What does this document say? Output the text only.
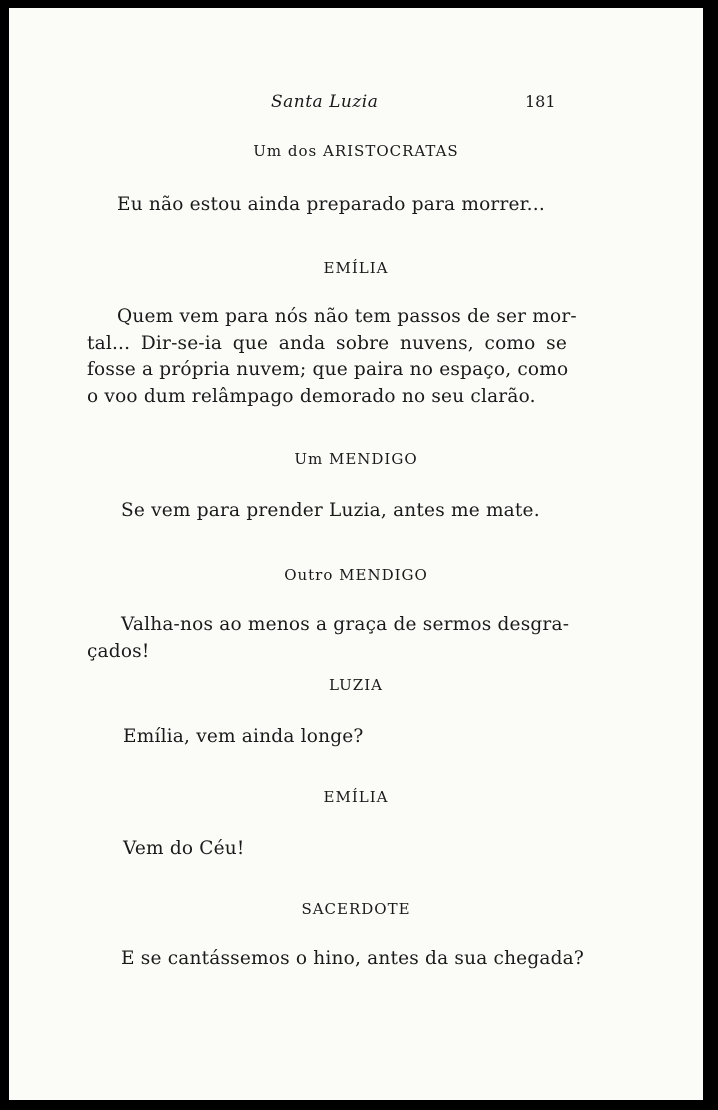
Santa Luzia	181
Um dos ARISTOCRATAS
Eu não estou ainda preparado para morrer...
EMÍLIA
Quem vem para nós não tem passos de ser mor-
tal... Dir-se-ia que anda sobre nuvens, como se
fosse a própria nuvem; que paira no espaço, como
o voo dum relâmpago demorado no seu clarão.
Um MENDIGO
Se vem para prender Luzia, antes me mate.
Outro MENDIGO
Valha-nos ao menos a graça de sermos desgra-
çados!
LUZIA
Emília, vem ainda longe?
EMÍLIA
Vem do Céu!
SACERDOTE
E se cantássemos o hino, antes da sua chegada?
